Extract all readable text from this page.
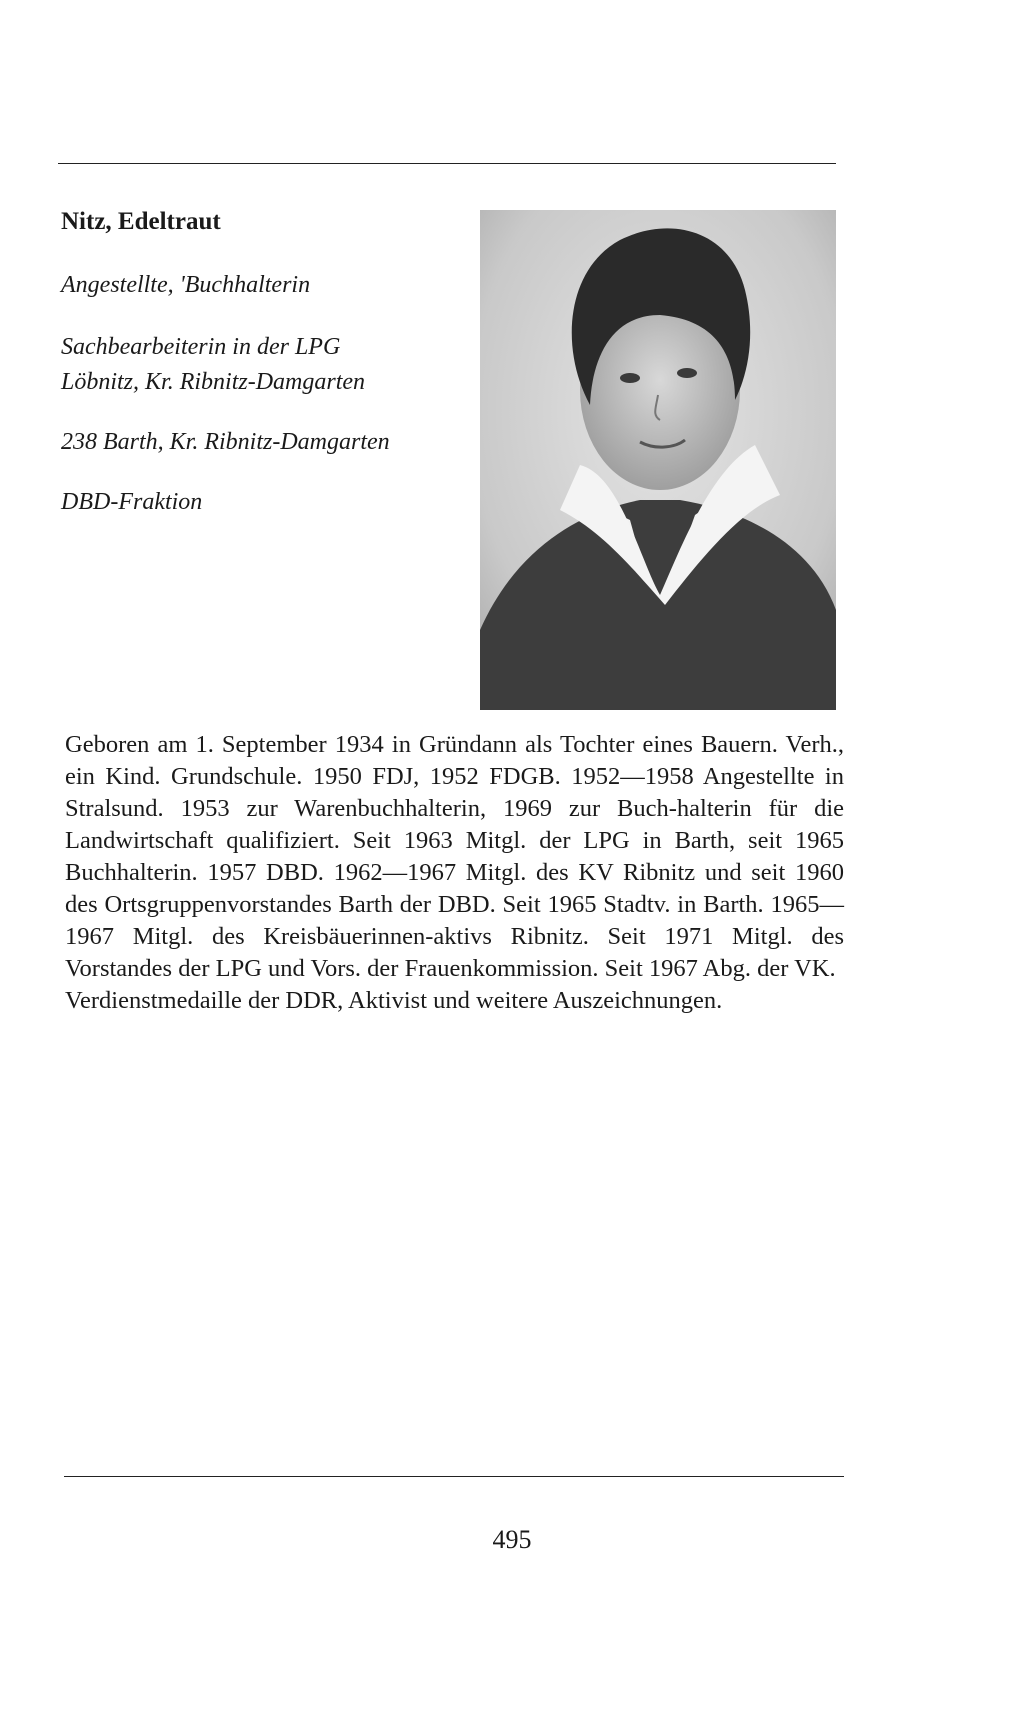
Nitz, Edeltraut
Angestellte, 'Buchhalterin
Sachbearbeiterin in der LPG
Löbnitz, Kr. Ribnitz-Damgarten
238 Barth, Kr. Ribnitz-Damgarten
DBD-Fraktion

Geboren am 1. September 1934 in Gründann als Tochter eines Bauern. Verh., ein Kind. Grundschule. 1950 FDJ, 1952 FDGB. 1952—1958 Angestellte in Stralsund. 1953 zur Warenbuchhalterin, 1969 zur Buch-halterin für die Landwirtschaft qualifiziert. Seit 1963 Mitgl. der LPG in Barth, seit 1965 Buchhalterin. 1957 DBD. 1962—1967 Mitgl. des KV Ribnitz und seit 1960 des Ortsgruppenvorstandes Barth der DBD. Seit 1965 Stadtv. in Barth. 1965—1967 Mitgl. des Kreisbäuerinnen-aktivs Ribnitz. Seit 1971 Mitgl. des Vorstandes der LPG und Vors. der Frauenkommission. Seit 1967 Abg. der VK.

Verdienstmedaille der DDR, Aktivist und weitere Auszeichnungen.

495
